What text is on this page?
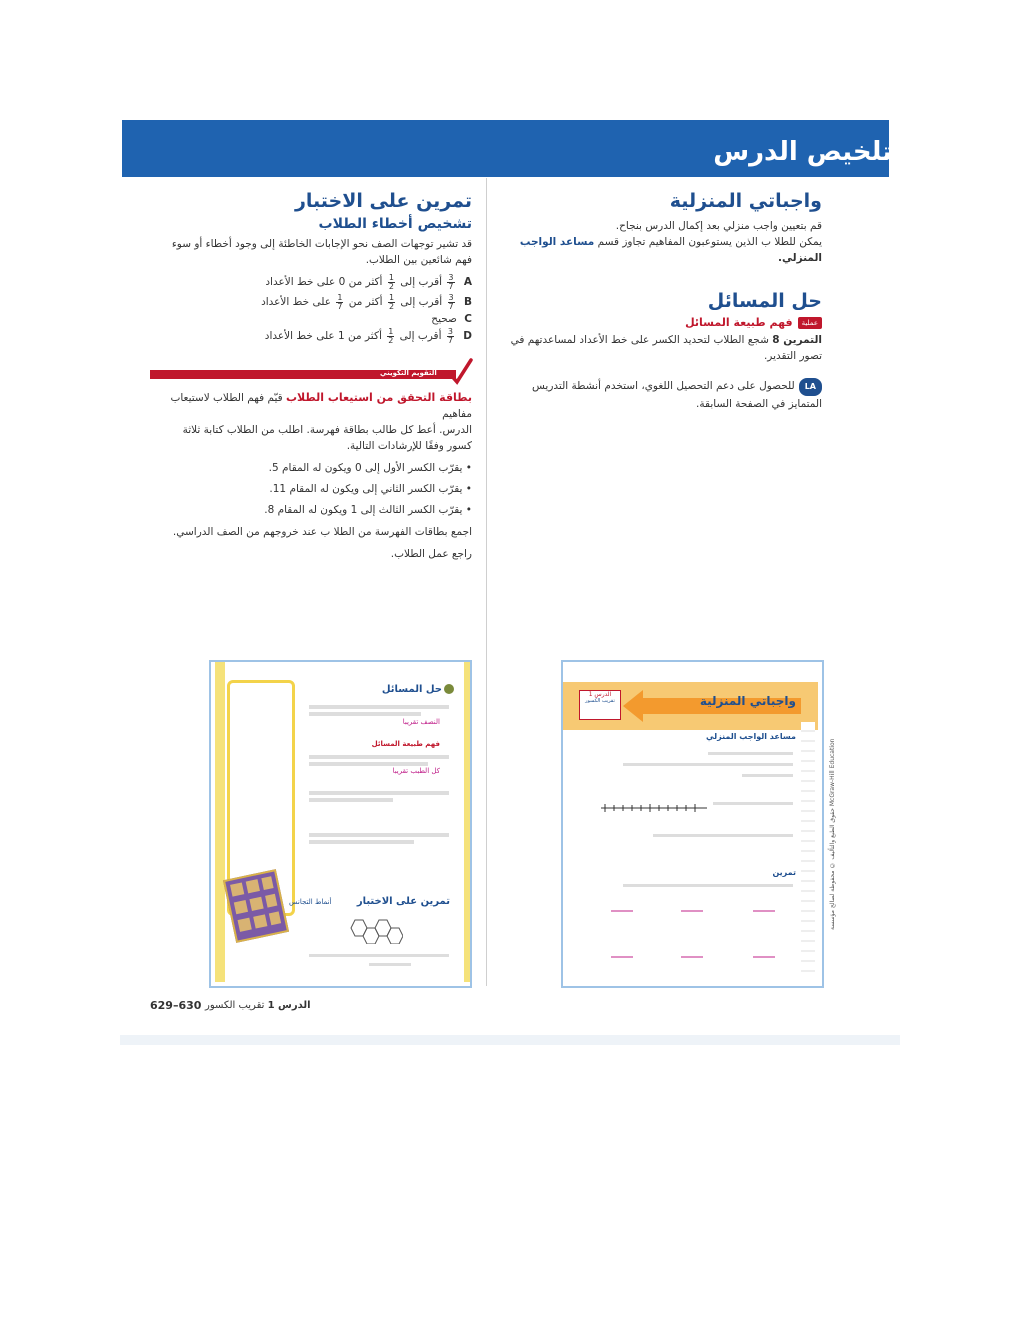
5
تلخيص الدرس
واجباتي المنزلية

قم بتعيين واجب منزلي بعد إكمال الدرس بنجاح.

يمكن للطلا ب الذين يستوعبون المفاهيم تجاوز قسم مساعد الواجب

المنزلي.

حل المسائل
عملية
فهم طبيعة المسائل

التمرين 8 شجع الطلاب لتحديد الكسر على خط الأعداد لمساعدتهم في

تصور التقدير.

LAللحصول على دعم التحصيل اللغوي، استخدم أنشطة التدريس

المتمايز في الصفحة السابقة.

تمرين على الاختبار
تشخيص أخطاء الطلاب

قد تشير توجهات الصف نحو الإجابات الخاطئة إلى وجود أخطاء أو سوء

فهم شائعين بين الطلاب.

A
$\frac{3}{7}$
أقرب إلى
$\frac{1}{2}$
أكثر من 0 على خط الأعداد
B
$\frac{3}{7}$
أقرب إلى
$\frac{1}{2}$
أكثر من
$\frac{1}{7}$
على خط الأعداد
C صحيح
D
$\frac{3}{7}$
أقرب إلى
$\frac{1}{2}$
أكثر من 1 على خط الأعداد
التقويم التكويني

بطاقة التحقق من استيعاب الطلاب قيّم فهم الطلاب لاستيعاب مفاهيم

الدرس. أعط كل طالب بطاقة فهرسة. اطلب من الطلاب كتابة ثلاثة

كسور وفقًا للإرشادات التالية.

• يقرّب الكسر الأول إلى 0 ويكون له المقام 5.
• يقرّب الكسر الثاني إلى ويكون له المقام 11.
• يقرّب الكسر الثالث إلى 1 ويكون له المقام 8.

اجمع بطاقات الفهرسة من الطلا ب عند خروجهم من الصف الدراسي.

راجع عمل الطلاب.

حل المسائل
النصف تقريبا
فهم طبيعة المسائل
كل الطبب تقريبا
أنماط التجانس	تمرين على الاختبار
الدرس 1
تقريب الكسور	واجباتي المنزلية
مساعد الواجب المنزلي
تمرين	حقوق الطبع والتأليف © محفوظة لصالح مؤسسة McGraw-Hill Education
629–630	الدرس 1 تقريب الكسور
